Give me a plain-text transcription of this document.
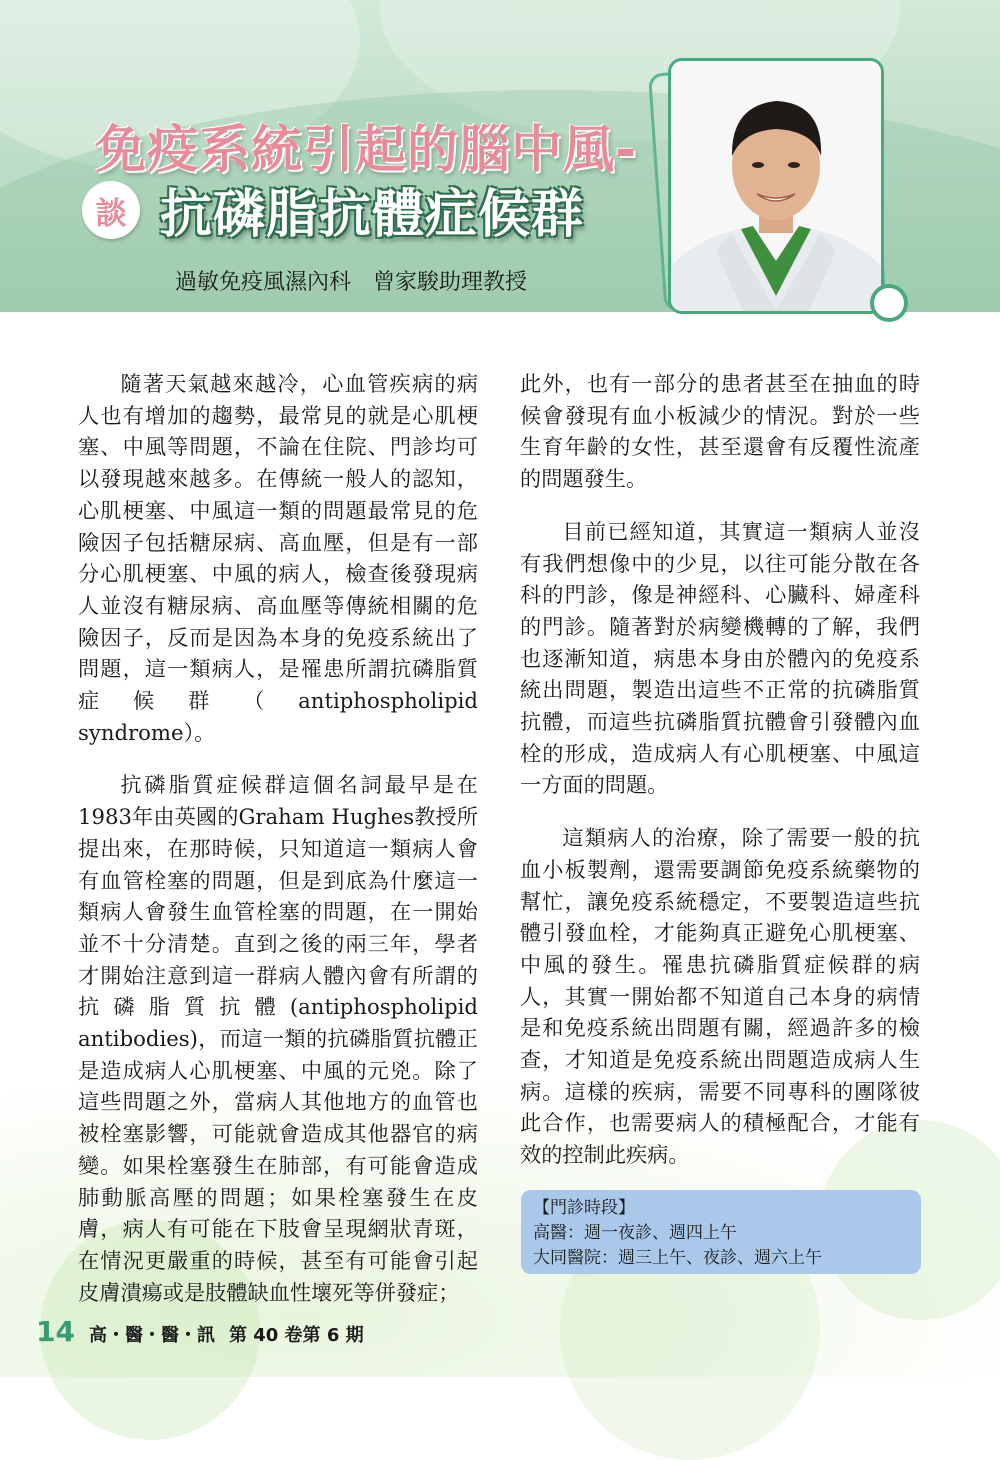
免疫系統引起的腦中風-
談 抗磷脂抗體症候群

過敏免疫風濕內科　曾家駿助理教授

隨著天氣越來越冷，心血管疾病的病人也有增加的趨勢，最常見的就是心肌梗塞、中風等問題，不論在住院、門診均可以發現越來越多。在傳統一般人的認知，心肌梗塞、中風這一類的問題最常見的危險因子包括糖尿病、高血壓，但是有一部分心肌梗塞、中風的病人，檢查後發現病人並沒有糖尿病、高血壓等傳統相關的危險因子，反而是因為本身的免疫系統出了問題，這一類病人，是罹患所謂抗磷脂質症候群（antiphospholipid syndrome）。

抗磷脂質症候群這個名詞最早是在1983年由英國的Graham Hughes教授所提出來，在那時候，只知道這一類病人會有血管栓塞的問題，但是到底為什麼這一類病人會發生血管栓塞的問題，在一開始並不十分清楚。直到之後的兩三年，學者才開始注意到這一群病人體內會有所謂的抗磷脂質抗體(antiphospholipid antibodies)，而這一類的抗磷脂質抗體正是造成病人心肌梗塞、中風的元兇。除了這些問題之外，當病人其他地方的血管也被栓塞影響，可能就會造成其他器官的病變。如果栓塞發生在肺部，有可能會造成肺動脈高壓的問題；如果栓塞發生在皮膚，病人有可能在下肢會呈現網狀青斑，在情況更嚴重的時候，甚至有可能會引起皮膚潰瘍或是肢體缺血性壞死等併發症；

此外，也有一部分的患者甚至在抽血的時候會發現有血小板減少的情況。對於一些生育年齡的女性，甚至還會有反覆性流產的問題發生。

目前已經知道，其實這一類病人並沒有我們想像中的少見，以往可能分散在各科的門診，像是神經科、心臟科、婦產科的門診。隨著對於病變機轉的了解，我們也逐漸知道，病患本身由於體內的免疫系統出問題，製造出這些不正常的抗磷脂質抗體，而這些抗磷脂質抗體會引發體內血栓的形成，造成病人有心肌梗塞、中風這一方面的問題。

這類病人的治療，除了需要一般的抗血小板製劑，還需要調節免疫系統藥物的幫忙，讓免疫系統穩定，不要製造這些抗體引發血栓，才能夠真正避免心肌梗塞、中風的發生。罹患抗磷脂質症候群的病人，其實一開始都不知道自己本身的病情是和免疫系統出問題有關，經過許多的檢查，才知道是免疫系統出問題造成病人生病。這樣的疾病，需要不同專科的團隊彼此合作，也需要病人的積極配合，才能有效的控制此疾病。

【門診時段】
高醫：週一夜診、週四上午
大同醫院：週三上午、夜診、週六上午
14 高・醫・醫・訊 第 40 卷第 6 期
